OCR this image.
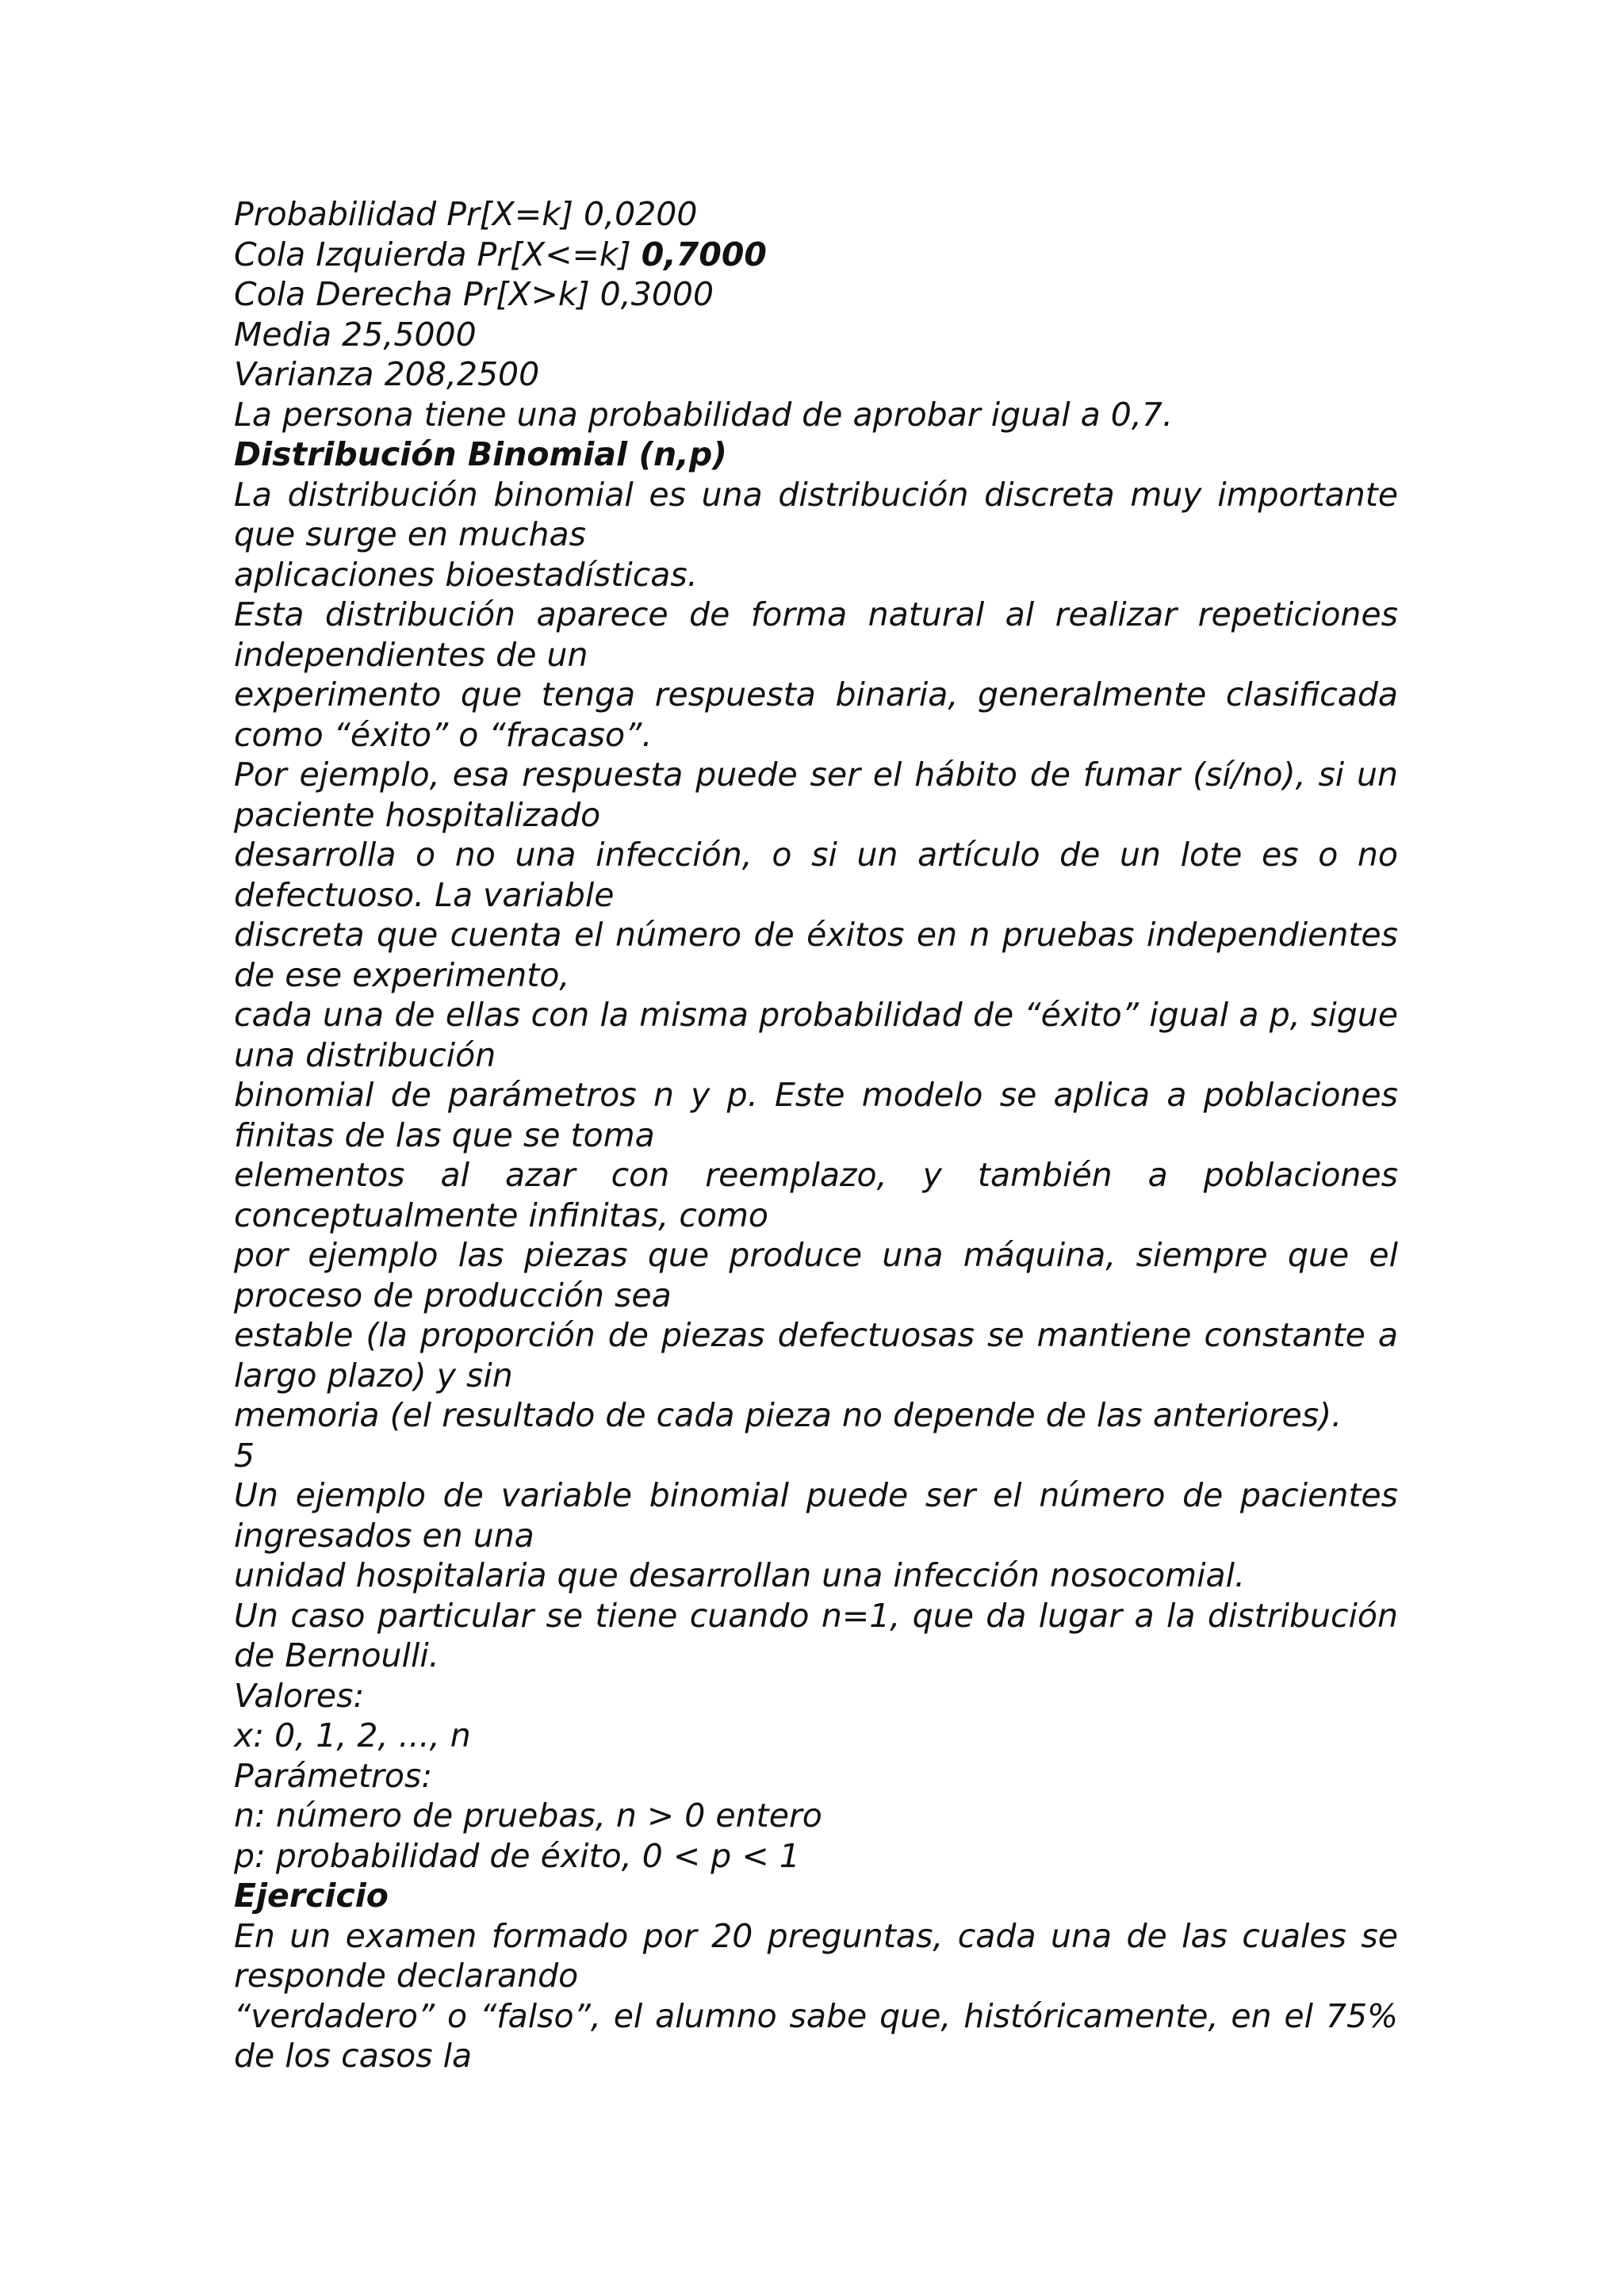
Probabilidad Pr[X=k] 0,0200
Cola Izquierda Pr[X<=k] 0,7000
Cola Derecha Pr[X>k] 0,3000
Media 25,5000
Varianza 208,2500
La persona tiene una probabilidad de aprobar igual a 0,7.
Distribución Binomial (n,p)
La distribución binomial es una distribución discreta muy importante que surge en muchas
aplicaciones bioestadísticas.
Esta distribución aparece de forma natural al realizar repeticiones independientes de un
experimento que tenga respuesta binaria, generalmente clasificada como “éxito” o “fracaso”.
Por ejemplo, esa respuesta puede ser el hábito de fumar (sí/no), si un paciente hospitalizado
desarrolla o no una infección, o si un artículo de un lote es o no defectuoso. La variable
discreta que cuenta el número de éxitos en n pruebas independientes de ese experimento,
cada una de ellas con la misma probabilidad de “éxito” igual a p, sigue una distribución
binomial de parámetros n y p. Este modelo se aplica a poblaciones finitas de las que se toma
elementos al azar con reemplazo, y también a poblaciones conceptualmente infinitas, como
por ejemplo las piezas que produce una máquina, siempre que el proceso de producción sea
estable (la proporción de piezas defectuosas se mantiene constante a largo plazo) y sin
memoria (el resultado de cada pieza no depende de las anteriores).
5
Un ejemplo de variable binomial puede ser el número de pacientes ingresados en una
unidad hospitalaria que desarrollan una infección nosocomial.
Un caso particular se tiene cuando n=1, que da lugar a la distribución de Bernoulli.
Valores:
x: 0, 1, 2, ..., n
Parámetros:
n: número de pruebas, n > 0 entero
p: probabilidad de éxito, 0 < p < 1
Ejercicio
En un examen formado por 20 preguntas, cada una de las cuales se responde declarando
“verdadero” o “falso”, el alumno sabe que, históricamente, en el 75% de los casos la
